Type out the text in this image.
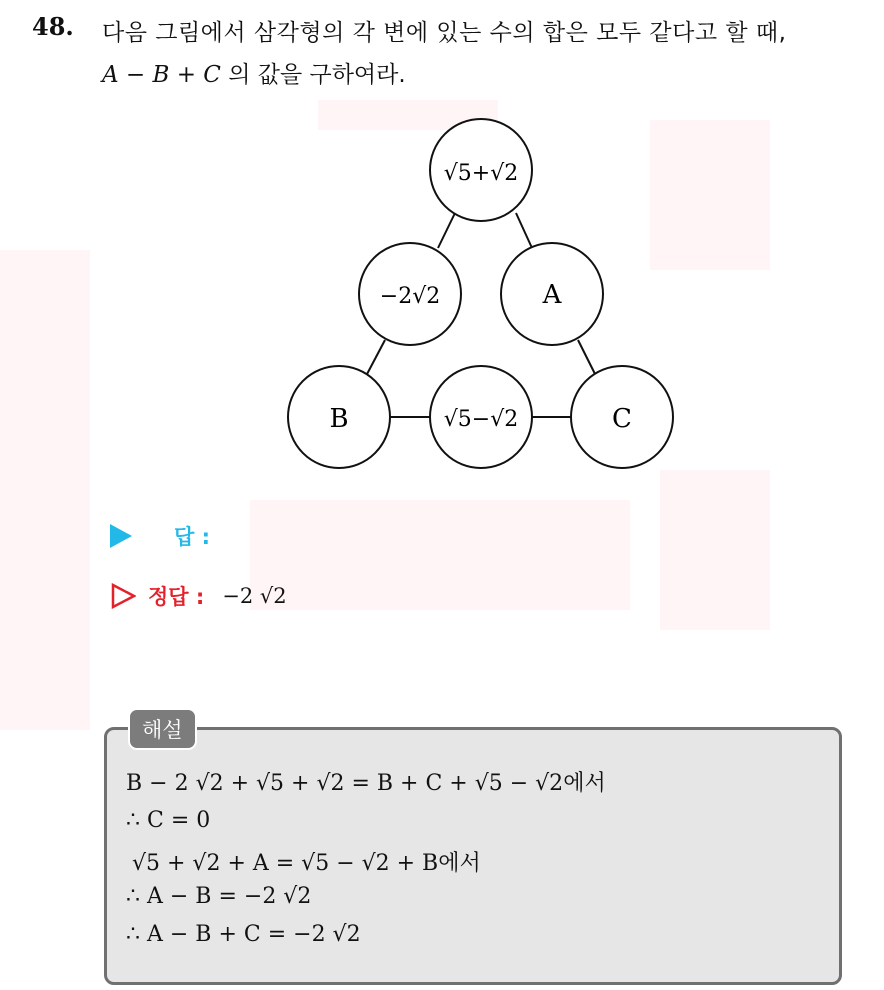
48. 다음 그림에서 삼각형의 각 변에 있는 수의 합은 모두 같다고 할 때,
A − B + C 의 값을 구하여라.
√5+√2
−2√2	A
B	√5−√2	C
답 :
정답 : −2 √2
해설
B − 2 √2 + √5 + √2 = B + C + √5 − √2에서
∴ C = 0
√5 + √2 + A = √5 − √2 + B에서
∴ A − B = −2 √2
∴ A − B + C = −2 √2
